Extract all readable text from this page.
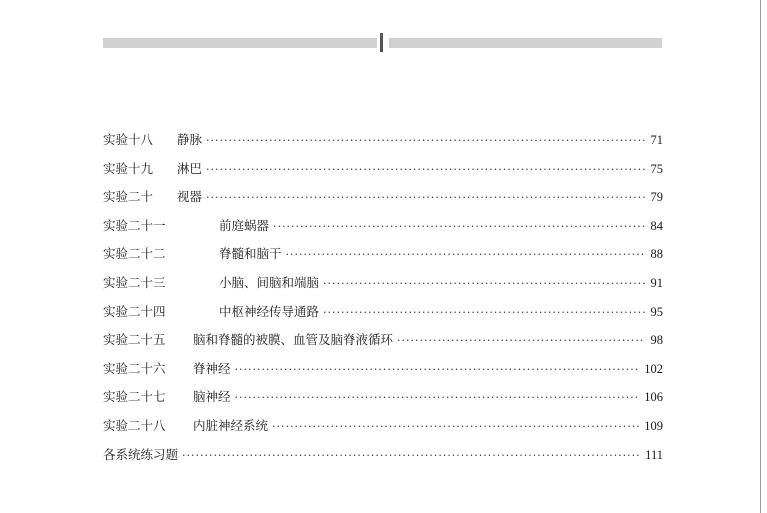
实验十八 静脉 ·····	71
实验十九 淋巴 ·····	75
实验二十 视器 ·····	79
实验二十一	前庭蜗器 ·····	84
实验二十二	脊髓和脑干 ·····	88
实验二十三	小脑、间脑和端脑 ·····	91
实验二十四	中枢神经传导通路 ·····	95
实验二十五 脑和脊髓的被膜、血管及脑脊液循环 ·····	98
实验二十六 脊神经 ·····	102
实验二十七 脑神经 ·····	106
实验二十八 内脏神经系统 ·····	109
各系统练习题 ·····	111
